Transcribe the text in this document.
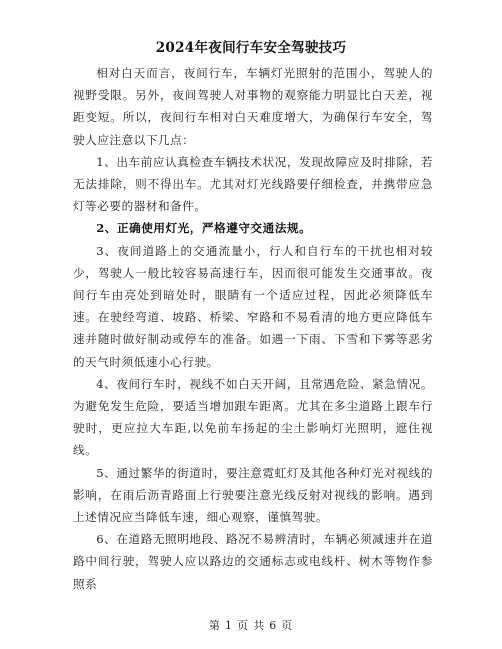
2024年夜间行车安全驾驶技巧

相对白天而言，夜间行车，车辆灯光照射的范围小，驾驶人的视野受限。另外，夜间驾驶人对事物的观察能力明显比白天差，视距变短。所以，夜间行车相对白天难度增大，为确保行车安全，驾驶人应注意以下几点：

1、出车前应认真检查车辆技术状况，发现故障应及时排除，若无法排除，则不得出车。尤其对灯光线路要仔细检查，并携带应急灯等必要的器材和备件。

2、正确使用灯光，严格遵守交通法规。

3、夜间道路上的交通流量小，行人和自行车的干扰也相对较少，驾驶人一般比较容易高速行车，因而很可能发生交通事故。夜间行车由亮处到暗处时，眼睛有一个适应过程，因此必须降低车速。在驶经弯道、坡路、桥梁、窄路和不易看清的地方更应降低车速并随时做好制动或停车的准备。如遇一下雨、下雪和下雾等恶劣的天气时须低速小心行驶。

4、夜间行车时，视线不如白天开阔，且常遇危险、紧急情况。为避免发生危险，要适当增加跟车距离。尤其在多尘道路上跟车行驶时，更应拉大车距,以免前车扬起的尘土影响灯光照明，遮住视线。

5、通过繁华的街道时，要注意霓虹灯及其他各种灯光对视线的影响，在雨后沥青路面上行驶要注意光线反射对视线的影响。遇到上述情况应当降低车速，细心观察，谨慎驾驶。

6、在道路无照明地段、路况不易辨清时，车辆必须减速并在道路中间行驶，驾驶人应以路边的交通标志或电线杆、树木等物作参照系

第 1 页 共 6 页
